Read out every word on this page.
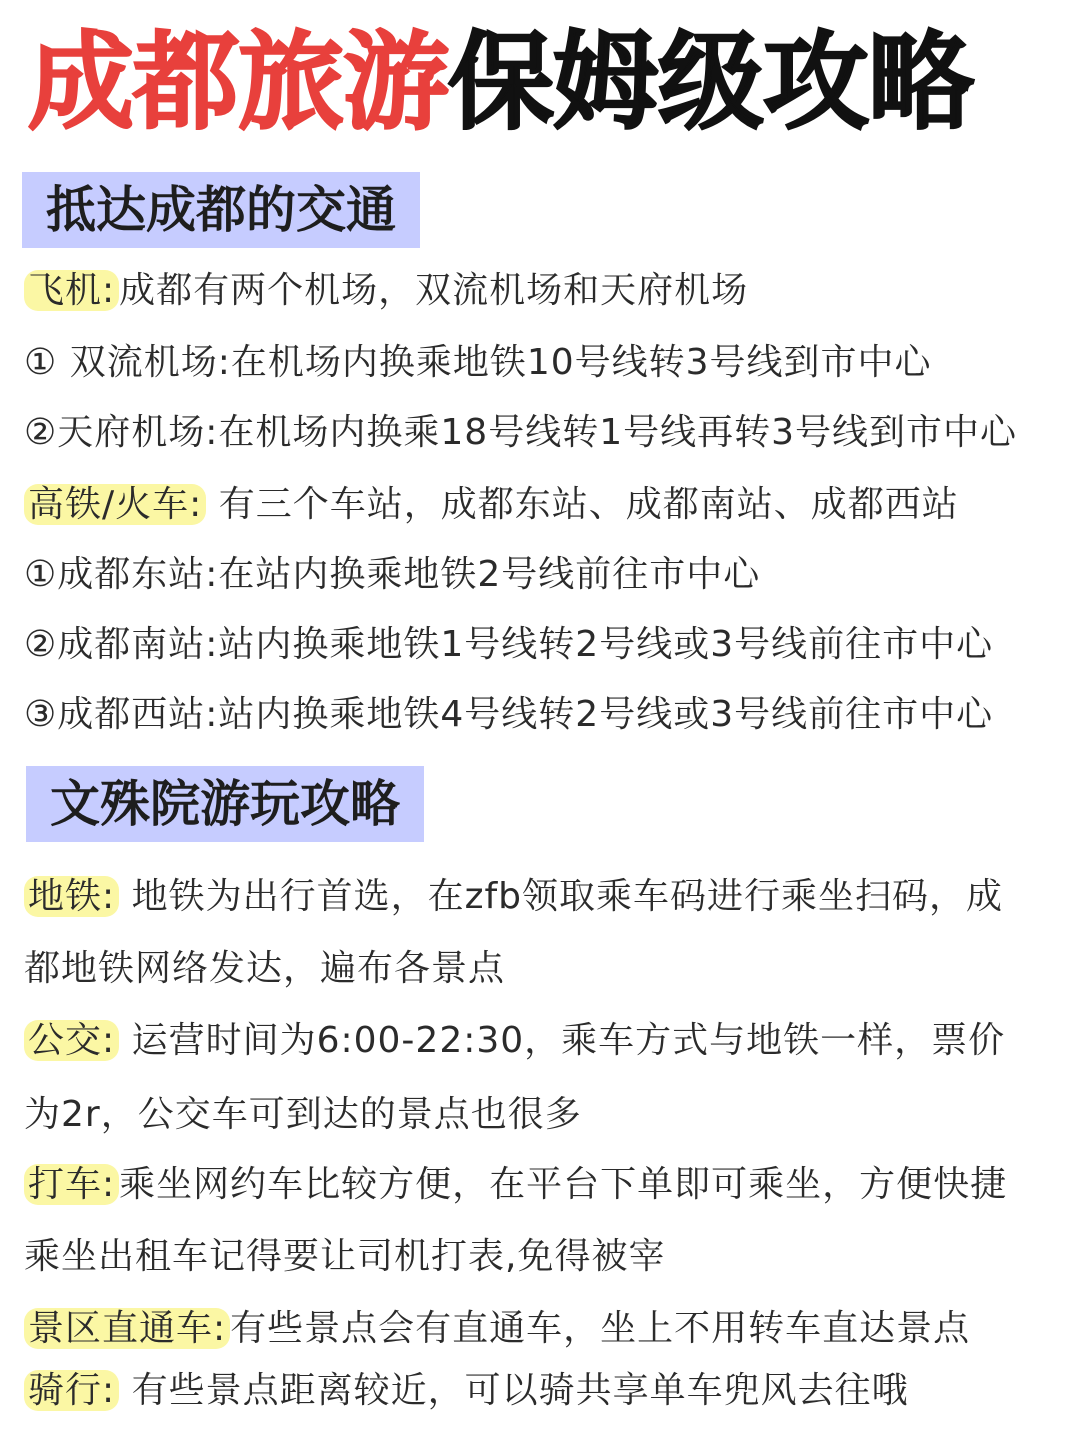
成都旅游保姆级攻略
抵达成都的交通
飞机: 成都有两个机场，双流机场和天府机场
① 双流机场:在机场内换乘地铁10号线转3号线到市中心
②天府机场:在机场内换乘18号线转1号线再转3号线到市中心
高铁/火车: 有三个车站，成都东站、成都南站、成都西站
①成都东站:在站内换乘地铁2号线前往市中心
②成都南站:站内换乘地铁1号线转2号线或3号线前往市中心
③成都西站:站内换乘地铁4号线转2号线或3号线前往市中心
文殊院游玩攻略
地铁: 地铁为出行首选，在zfb领取乘车码进行乘坐扫码，成
都地铁网络发达，遍布各景点
公交: 运营时间为6:00-22:30，乘车方式与地铁一样，票价
为2r，公交车可到达的景点也很多
打车: 乘坐网约车比较方便，在平台下单即可乘坐，方便快捷
乘坐出租车记得要让司机打表,免得被宰
景区直通车: 有些景点会有直通车，坐上不用转车直达景点
骑行: 有些景点距离较近，可以骑共享单车兜风去往哦
